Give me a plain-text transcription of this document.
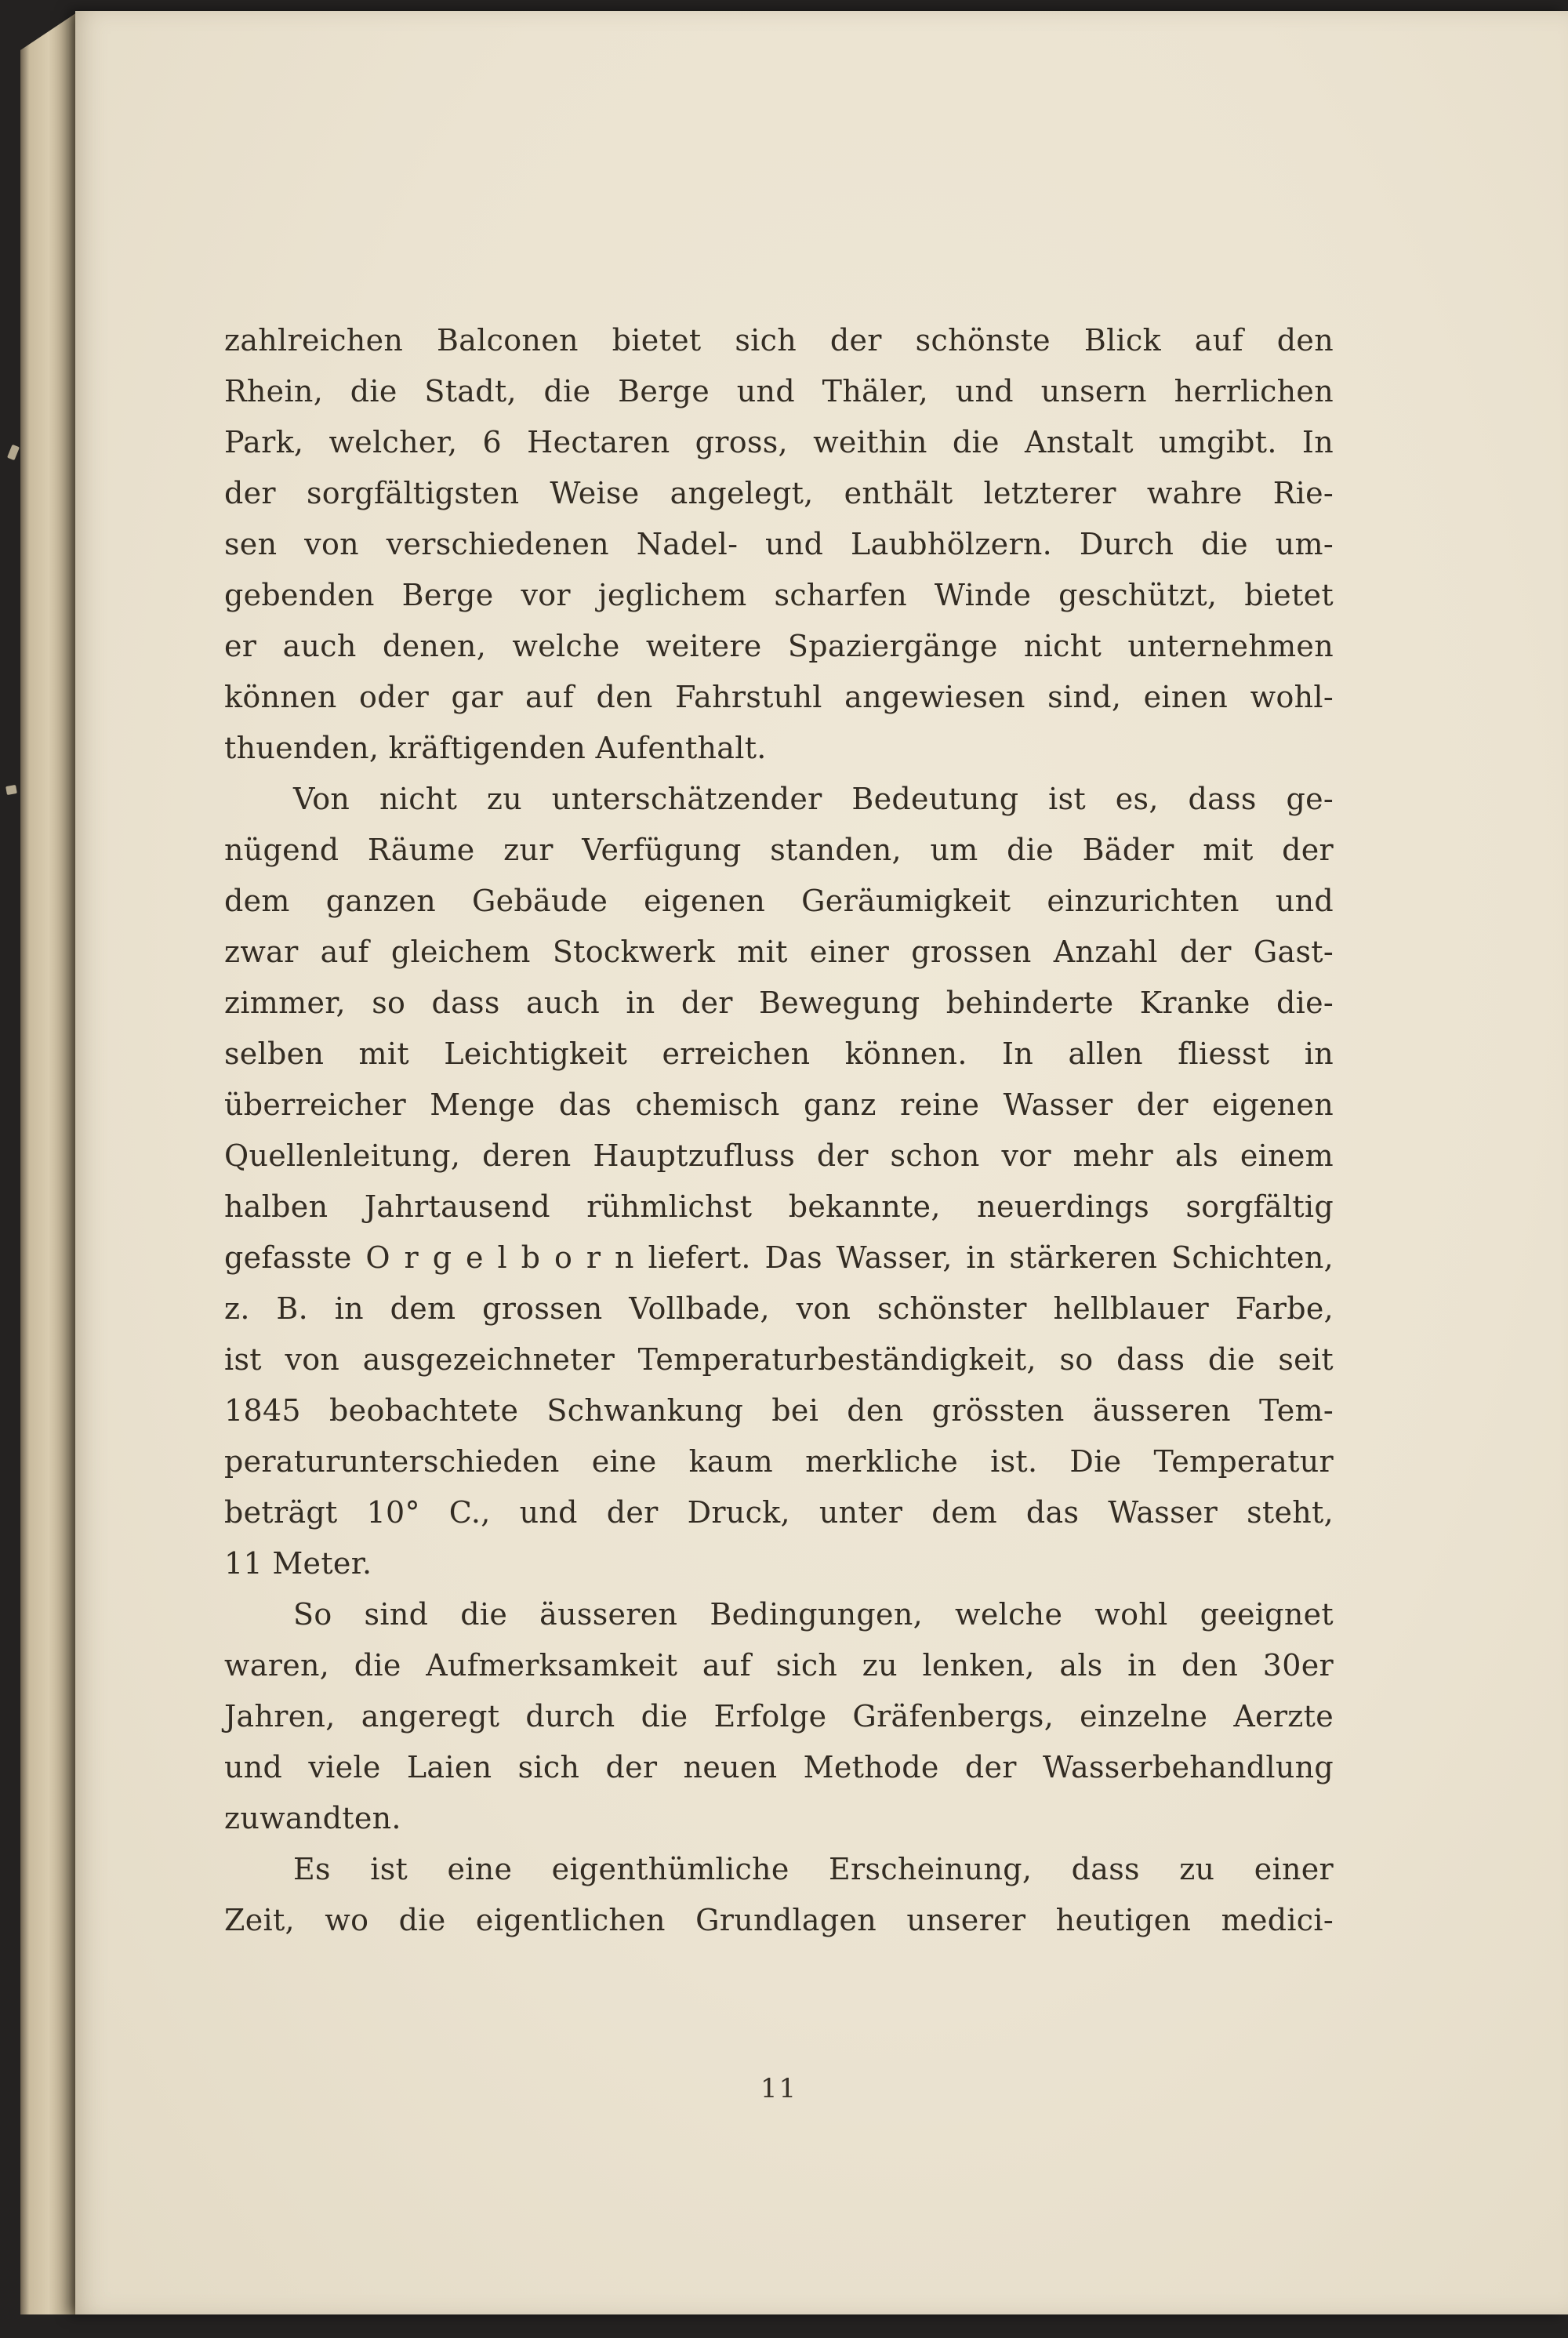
zahlreichen Balconen bietet sich der schönste Blick auf den
Rhein, die Stadt, die Berge und Thäler, und unsern herrlichen
Park, welcher, 6 Hectaren gross, weithin die Anstalt umgibt. In
der sorgfältigsten Weise angelegt, enthält letzterer wahre Rie-
sen von verschiedenen Nadel- und Laubhölzern. Durch die um-
gebenden Berge vor jeglichem scharfen Winde geschützt, bietet
er auch denen, welche weitere Spaziergänge nicht unternehmen
können oder gar auf den Fahrstuhl angewiesen sind, einen wohl-
thuenden, kräftigenden Aufenthalt.
Von nicht zu unterschätzender Bedeutung ist es, dass ge-
nügend Räume zur Verfügung standen, um die Bäder mit der
dem ganzen Gebäude eigenen Geräumigkeit einzurichten und
zwar auf gleichem Stockwerk mit einer grossen Anzahl der Gast-
zimmer, so dass auch in der Bewegung behinderte Kranke die-
selben mit Leichtigkeit erreichen können. In allen fliesst in
überreicher Menge das chemisch ganz reine Wasser der eigenen
Quellenleitung, deren Hauptzufluss der schon vor mehr als einem
halben Jahrtausend rühmlichst bekannte, neuerdings sorgfältig
gefasste O r g e l b o r n liefert. Das Wasser, in stärkeren Schichten,
z. B. in dem grossen Vollbade, von schönster hellblauer Farbe,
ist von ausgezeichneter Temperaturbeständigkeit, so dass die seit
1845 beobachtete Schwankung bei den grössten äusseren Tem-
peraturunterschieden eine kaum merkliche ist. Die Temperatur
beträgt 10° C., und der Druck, unter dem das Wasser steht,
11 Meter.
So sind die äusseren Bedingungen, welche wohl geeignet
waren, die Aufmerksamkeit auf sich zu lenken, als in den 30er
Jahren, angeregt durch die Erfolge Gräfenbergs, einzelne Aerzte
und viele Laien sich der neuen Methode der Wasserbehandlung
zuwandten.
Es ist eine eigenthümliche Erscheinung, dass zu einer
Zeit, wo die eigentlichen Grundlagen unserer heutigen medici-
11
